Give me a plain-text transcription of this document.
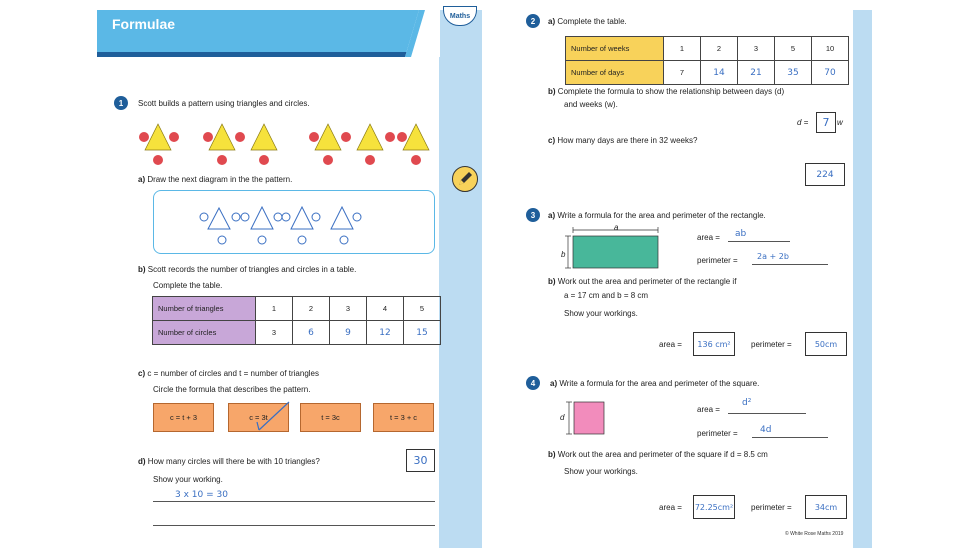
Formulae	Maths
1	Scott builds a pattern using triangles and circles.
a) Draw the next diagram in the the pattern.
b) Scott records the number of triangles and circles in a table.
Complete the table.
Number of triangles	1	2	3	4	5
Number of circles	3	6	9	12	15
c) c = number of circles and t = number of triangles
Circle the formula that describes the pattern.
c = t + 3	c = 3t	t = 3c	t = 3 + c
d) How many circles will there be with 10 triangles?	30
Show your working.
3 x 10 = 30
2	a) Complete the table.
Number of weeks	1	2	3	5	10
Number of days	7	14	21	35	70
b) Complete the formula to show the relationship between days (d)
and weeks (w).
d =	7 w
c) How many days are there in 32 weeks?
224
3	a) Write a formula for the area and perimeter of the rectangle.
a
b
area = ab
perimeter = 2a + 2b
b) Work out the area and perimeter of the rectangle if
a = 17 cm and b = 8 cm
Show your workings.
area =	136 cm²	perimeter =	50cm
4	a) Write a formula for the area and perimeter of the square.
d
area =
d²
perimeter = 4d
b) Work out the area and perimeter of the square if d = 8.5 cm
Show your workings.
area = 72.25cm² perimeter =	34cm
© White Rose Maths 2019
